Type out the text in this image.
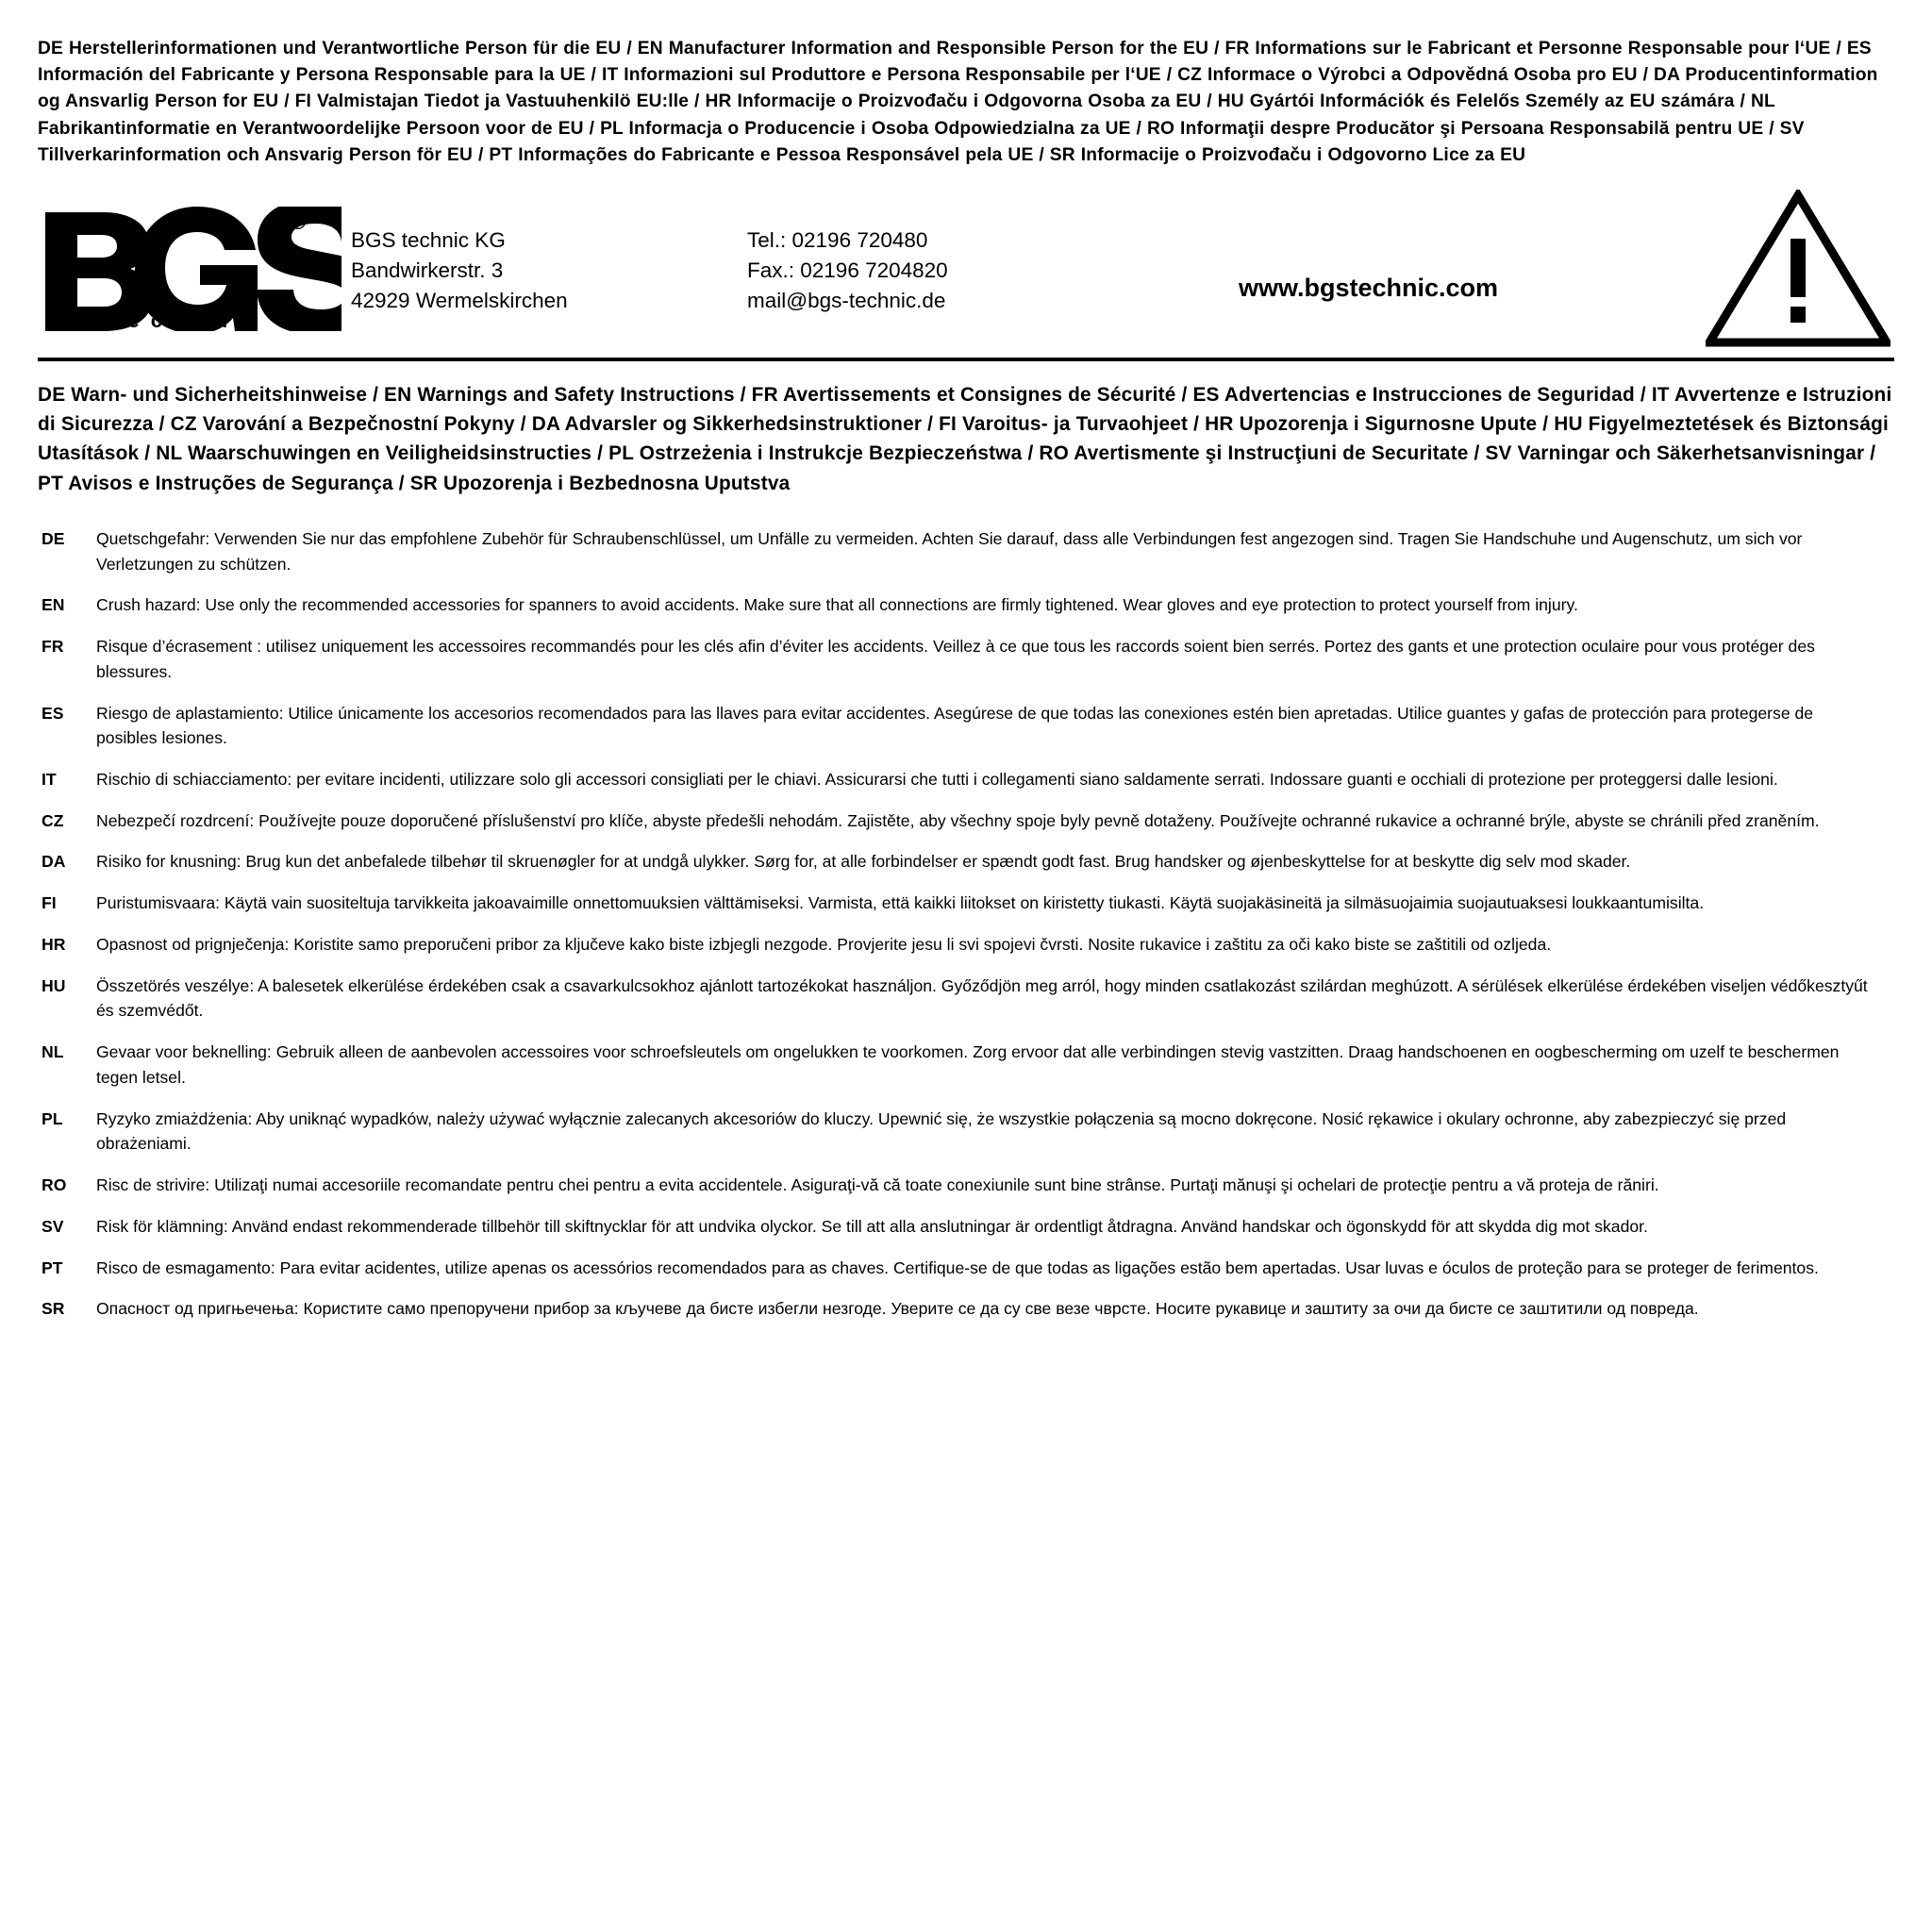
DE Herstellerinformationen und Verantwortliche Person für die EU / EN Manufacturer Information and Responsible Person for the EU / FR Informations sur le Fabricant et Personne Responsable pour l‘UE / ES Información del Fabricante y Persona Responsable para la UE / IT Informazioni sul Produttore e Persona Responsabile per l‘UE / CZ Informace o Výrobci a Odpovědná Osoba pro EU / DA Producentinformation og Ansvarlig Person for EU / FI Valmistajan Tiedot ja Vastuuhenkilö EU:lle / HR Informacije o Proizvođaču i Odgovorna Osoba za EU / HU Gyártói Információk és Felelős Személy az EU számára / NL Fabrikantinformatie en Verantwoordelijke Persoon voor de EU / PL Informacja o Producencie i Osoba Odpowiedzialna za UE / RO Informaţii despre Producător şi Persoana Responsabilă pentru UE / SV Tillverkarinformation och Ansvarig Person för EU / PT Informações do Fabricante e Pessoa Responsável pela UE / SR Informacije o Proizvođaču i Odgovorno Lice za EU
®
t e c h n i c
BGS technic KG
Bandwirkerstr. 3
42929 Wermelskirchen
Tel.: 02196 720480
Fax.: 02196 7204820
mail@bgs-technic.de	www.bgstechnic.com
DE Warn- und Sicherheitshinweise / EN Warnings and Safety Instructions / FR Avertissements et Consignes de Sécurité / ES Advertencias e Instrucciones de Seguridad / IT Avvertenze e Istruzioni di Sicurezza / CZ Varování a Bezpečnostní Pokyny / DA Advarsler og Sikkerhedsinstruktioner / FI Varoitus- ja Turvaohjeet / HR Upozorenja i Sigurnosne Upute / HU Figyelmeztetések és Biztonsági Utasítások / NL Waarschuwingen en Veiligheidsinstructies / PL Ostrzeżenia i Instrukcje Bezpieczeństwa / RO Avertismente şi Instrucţiuni de Securitate / SV Varningar och Säkerhetsanvisningar / PT Avisos e Instruções de Segurança / SR Upozorenja i Bezbednosna Uputstva
DE	Quetschgefahr: Verwenden Sie nur das empfohlene Zubehör für Schraubenschlüssel, um Unfälle zu vermeiden. Achten Sie darauf, dass alle Verbindungen fest angezogen sind. Tragen Sie Handschuhe und Augenschutz, um sich vor Verletzungen zu schützen.
EN	Crush hazard: Use only the recommended accessories for spanners to avoid accidents. Make sure that all connections are firmly tightened. Wear gloves and eye protection to protect yourself from injury.
FR	Risque d’écrasement : utilisez uniquement les accessoires recommandés pour les clés afin d’éviter les accidents. Veillez à ce que tous les raccords soient bien serrés. Portez des gants et une protection oculaire pour vous protéger des blessures.
ES	Riesgo de aplastamiento: Utilice únicamente los accesorios recomendados para las llaves para evitar accidentes. Asegúrese de que todas las conexiones estén bien apretadas. Utilice guantes y gafas de protección para protegerse de posibles lesiones.
IT	Rischio di schiacciamento: per evitare incidenti, utilizzare solo gli accessori consigliati per le chiavi. Assicurarsi che tutti i collegamenti siano saldamente serrati. Indossare guanti e occhiali di protezione per proteggersi dalle lesioni.
CZ	Nebezpečí rozdrcení: Používejte pouze doporučené příslušenství pro klíče, abyste předešli nehodám. Zajistěte, aby všechny spoje byly pevně dotaženy. Používejte ochranné rukavice a ochranné brýle, abyste se chránili před zraněním.
DA	Risiko for knusning: Brug kun det anbefalede tilbehør til skruenøgler for at undgå ulykker. Sørg for, at alle forbindelser er spændt godt fast. Brug handsker og øjenbeskyttelse for at beskytte dig selv mod skader.
FI	Puristumisvaara: Käytä vain suositeltuja tarvikkeita jakoavaimille onnettomuuksien välttämiseksi. Varmista, että kaikki liitokset on kiristetty tiukasti. Käytä suojakäsineitä ja silmäsuojaimia suojautuaksesi loukkaantumisilta.
HR	Opasnost od prignječenja: Koristite samo preporučeni pribor za ključeve kako biste izbjegli nezgode. Provjerite jesu li svi spojevi čvrsti. Nosite rukavice i zaštitu za oči kako biste se zaštitili od ozljeda.
HU	Összetörés veszélye: A balesetek elkerülése érdekében csak a csavarkulcsokhoz ajánlott tartozékokat használjon. Győződjön meg arról, hogy minden csatlakozást szilárdan meghúzott. A sérülések elkerülése érdekében viseljen védőkesztyűt és szemvédőt.
NL	Gevaar voor beknelling: Gebruik alleen de aanbevolen accessoires voor schroefsleutels om ongelukken te voorkomen. Zorg ervoor dat alle verbindingen stevig vastzitten. Draag handschoenen en oogbescherming om uzelf te beschermen tegen letsel.
PL	Ryzyko zmiażdżenia: Aby uniknąć wypadków, należy używać wyłącznie zalecanych akcesoriów do kluczy. Upewnić się, że wszystkie połączenia są mocno dokręcone. Nosić rękawice i okulary ochronne, aby zabezpieczyć się przed obrażeniami.
RO	Risc de strivire: Utilizaţi numai accesoriile recomandate pentru chei pentru a evita accidentele. Asiguraţi-vă că toate conexiunile sunt bine strânse. Purtaţi mănuşi şi ochelari de protecţie pentru a vă proteja de răniri.
SV	Risk för klämning: Använd endast rekommenderade tillbehör till skiftnycklar för att undvika olyckor. Se till att alla anslutningar är ordentligt åtdragna. Använd handskar och ögonskydd för att skydda dig mot skador.
PT	Risco de esmagamento: Para evitar acidentes, utilize apenas os acessórios recomendados para as chaves. Certifique-se de que todas as ligações estão bem apertadas. Usar luvas e óculos de proteção para se proteger de ferimentos.
SR	Опасност од пригњечења: Користите само препоручени прибор за кључеве да бисте избегли незгоде. Уверите се да су све везе чврсте. Носите рукавице и заштиту за очи да бисте се заштитили од повреда.
